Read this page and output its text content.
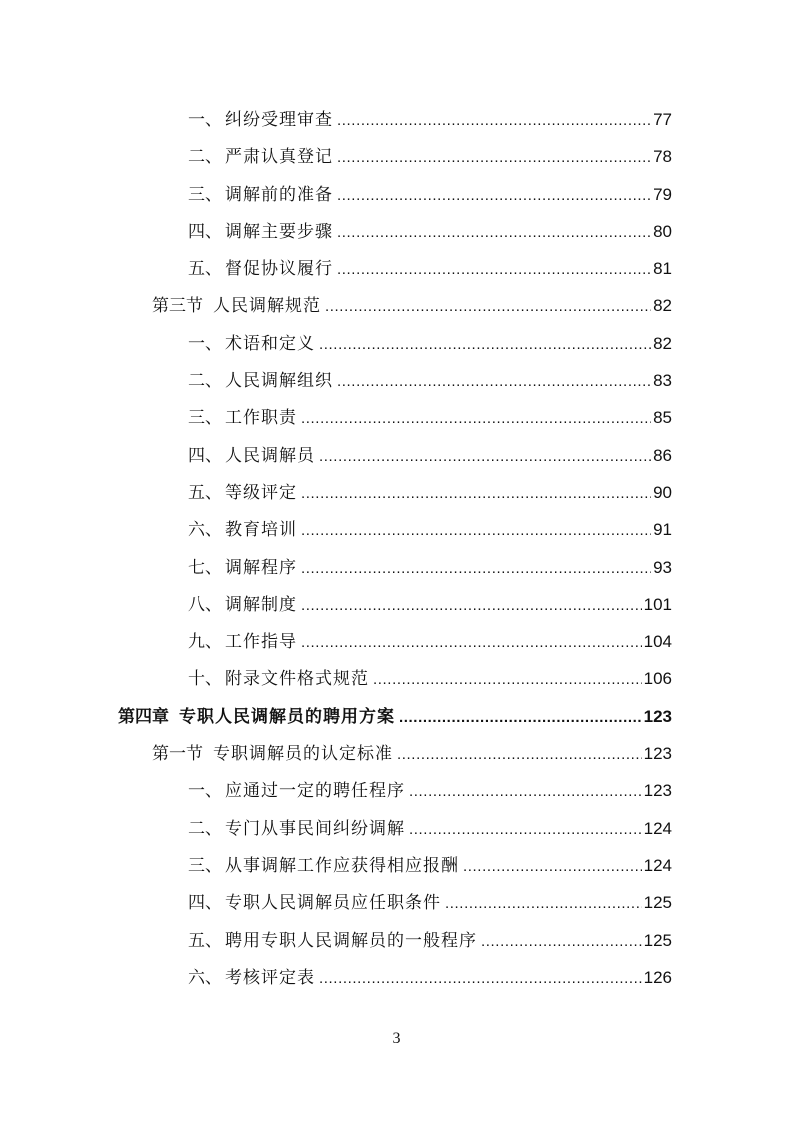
一、 纠纷受理审查 .....	77
二、 严肃认真登记 .....	78
三、 调解前的准备 .....	79
四、 调解主要步骤 .....	80
五、 督促协议履行 .....	81
第三节 人民调解规范 .....	82
一、 术语和定义 .....	82
二、 人民调解组织 .....	83
三、 工作职责 .....	85
四、 人民调解员 .....	86
五、 等级评定 .....	90
六、 教育培训 .....	91
七、 调解程序 .....	93
八、 调解制度 .....	101
九、 工作指导 .....	104
十、 附录文件格式规范 .....	106
第四章 专职人民调解员的聘用方案 .....	123
第一节 专职调解员的认定标准 .....	123
一、 应通过一定的聘任程序 .....	123
二、 专门从事民间纠纷调解 .....	124
三、 从事调解工作应获得相应报酬 .....	124
四、 专职人民调解员应任职条件 .....	125
五、 聘用专职人民调解员的一般程序 .....	125
六、 考核评定表 .....	126
3
